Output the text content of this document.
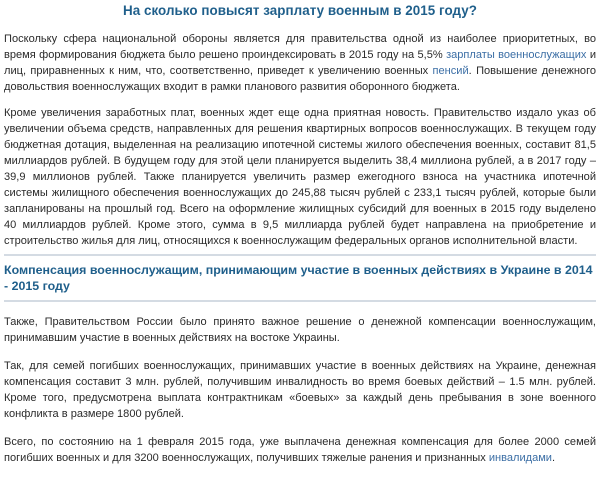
На сколько повысят зарплату военным в 2015 году?

Поскольку сфера национальной обороны является для правительства одной из наиболее приоритетных, во время формирования бюджета было решено проиндексировать в 2015 году на 5,5% зарплаты военнослужащих и лиц, приравненных к ним, что, соответственно, приведет к увеличению военных пенсий. Повышение денежного довольствия военнослужащих входит в рамки планового развития оборонного бюджета.

Кроме увеличения заработных плат, военных ждет еще одна приятная новость. Правительство издало указ об увеличении объема средств, направленных для решения квартирных вопросов военнослужащих. В текущем году бюджетная дотация, выделенная на реализацию ипотечной системы жилого обеспечения военных, составит 81,5 миллиардов рублей. В будущем году для этой цели планируется выделить 38,4 миллиона рублей, а в 2017 году – 39,9 миллионов рублей. Также планируется увеличить размер ежегодного взноса на участника ипотечной системы жилищного обеспечения военнослужащих до 245,88 тысяч рублей с 233,1 тысяч рублей, которые были запланированы на прошлый год. Всего на оформление жилищных субсидий для военных в 2015 году выделено 40 миллиардов рублей. Кроме этого, сумма в 9,5 миллиарда рублей будет направлена на приобретение и строительство жилья для лиц, относящихся к военнослужащим федеральных органов исполнительной власти.

Компенсация военнослужащим, принимающим участие в военных действиях в Украине в 2014 - 2015 году

Также, Правительством России было принято важное решение о денежной компенсации военнослужащим, принимавшим участие в военных действиях на востоке Украины.

Так, для семей погибших военнослужащих, принимавших участие в военных действиях на Украине, денежная компенсация составит 3 млн. рублей, получившим инвалидность во время боевых действий – 1.5 млн. рублей. Кроме того, предусмотрена выплата контрактникам «боевых» за каждый день пребывания в зоне военного конфликта в размере 1800 рублей.

Всего, по состоянию на 1 февраля 2015 года, уже выплачена денежная компенсация для более 2000 семей погибших военных и для 3200 военнослужащих, получивших тяжелые ранения и признанных инвалидами.
